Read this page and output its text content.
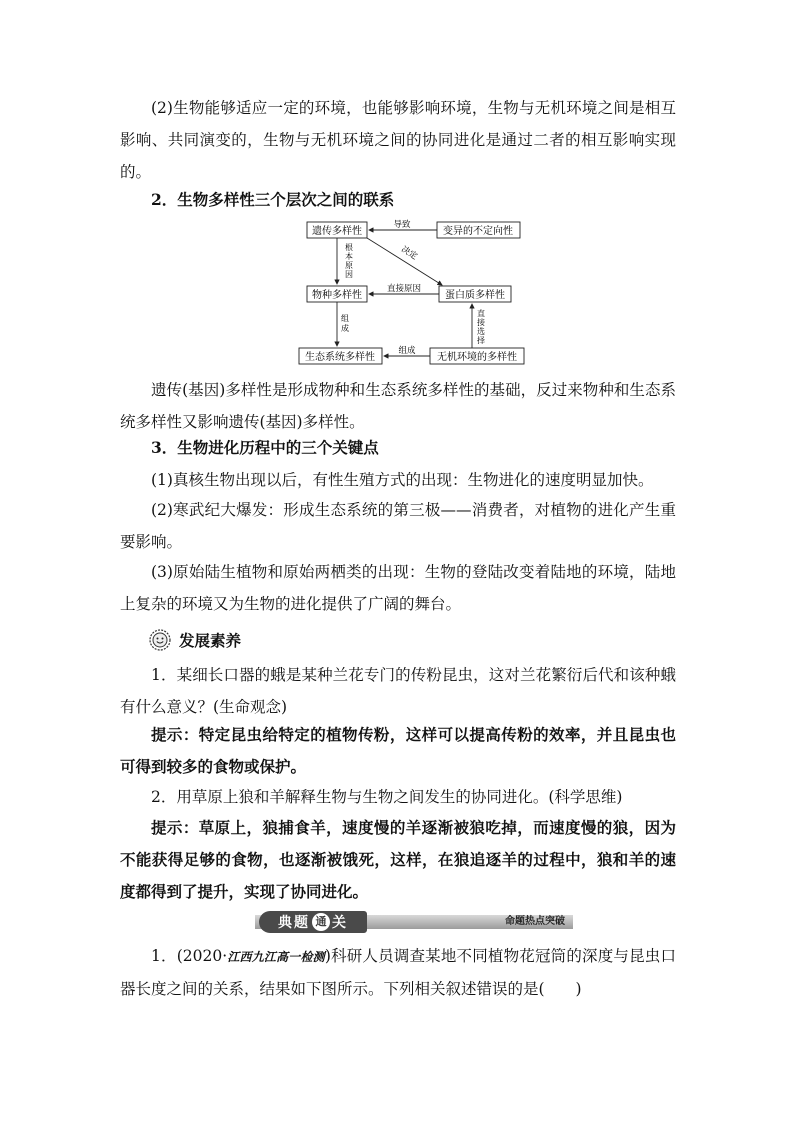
(2)生物能够适应一定的环境，也能够影响环境，生物与无机环境之间是相互影响、共同演变的，生物与无机环境之间的协同进化是通过二者的相互影响实现的。

2．生物多样性三个层次之间的联系

遗传多样性	变异的不定向性
物种多样性	蛋白质多样性
生态系统多样性	无机环境的多样性
导致
决定
根
本
原
因
直接原因
组
成
直
接
选
择
组成

遗传(基因)多样性是形成物种和生态系统多样性的基础，反过来物种和生态系统多样性又影响遗传(基因)多样性。

3．生物进化历程中的三个关键点

(1)真核生物出现以后，有性生殖方式的出现：生物进化的速度明显加快。

(2)寒武纪大爆发：形成生态系统的第三极——消费者，对植物的进化产生重要影响。

(3)原始陆生植物和原始两栖类的出现：生物的登陆改变着陆地的环境，陆地上复杂的环境又为生物的进化提供了广阔的舞台。

发展素养

1．某细长口器的蛾是某种兰花专门的传粉昆虫，这对兰花繁衍后代和该种蛾有什么意义？(生命观念)

提示：特定昆虫给特定的植物传粉，这样可以提高传粉的效率，并且昆虫也可得到较多的食物或保护。

2．用草原上狼和羊解释生物与生物之间发生的协同进化。(科学思维)

提示：草原上，狼捕食羊，速度慢的羊逐渐被狼吃掉，而速度慢的狼，因为不能获得足够的食物，也逐渐被饿死，这样，在狼追逐羊的过程中，狼和羊的速度都得到了提升，实现了协同进化。

典题 通 关	命题热点突破

1．(2020·江西九江高一检测)科研人员调查某地不同植物花冠筒的深度与昆虫口器长度之间的关系，结果如下图所示。下列相关叙述错误的是(　　)
